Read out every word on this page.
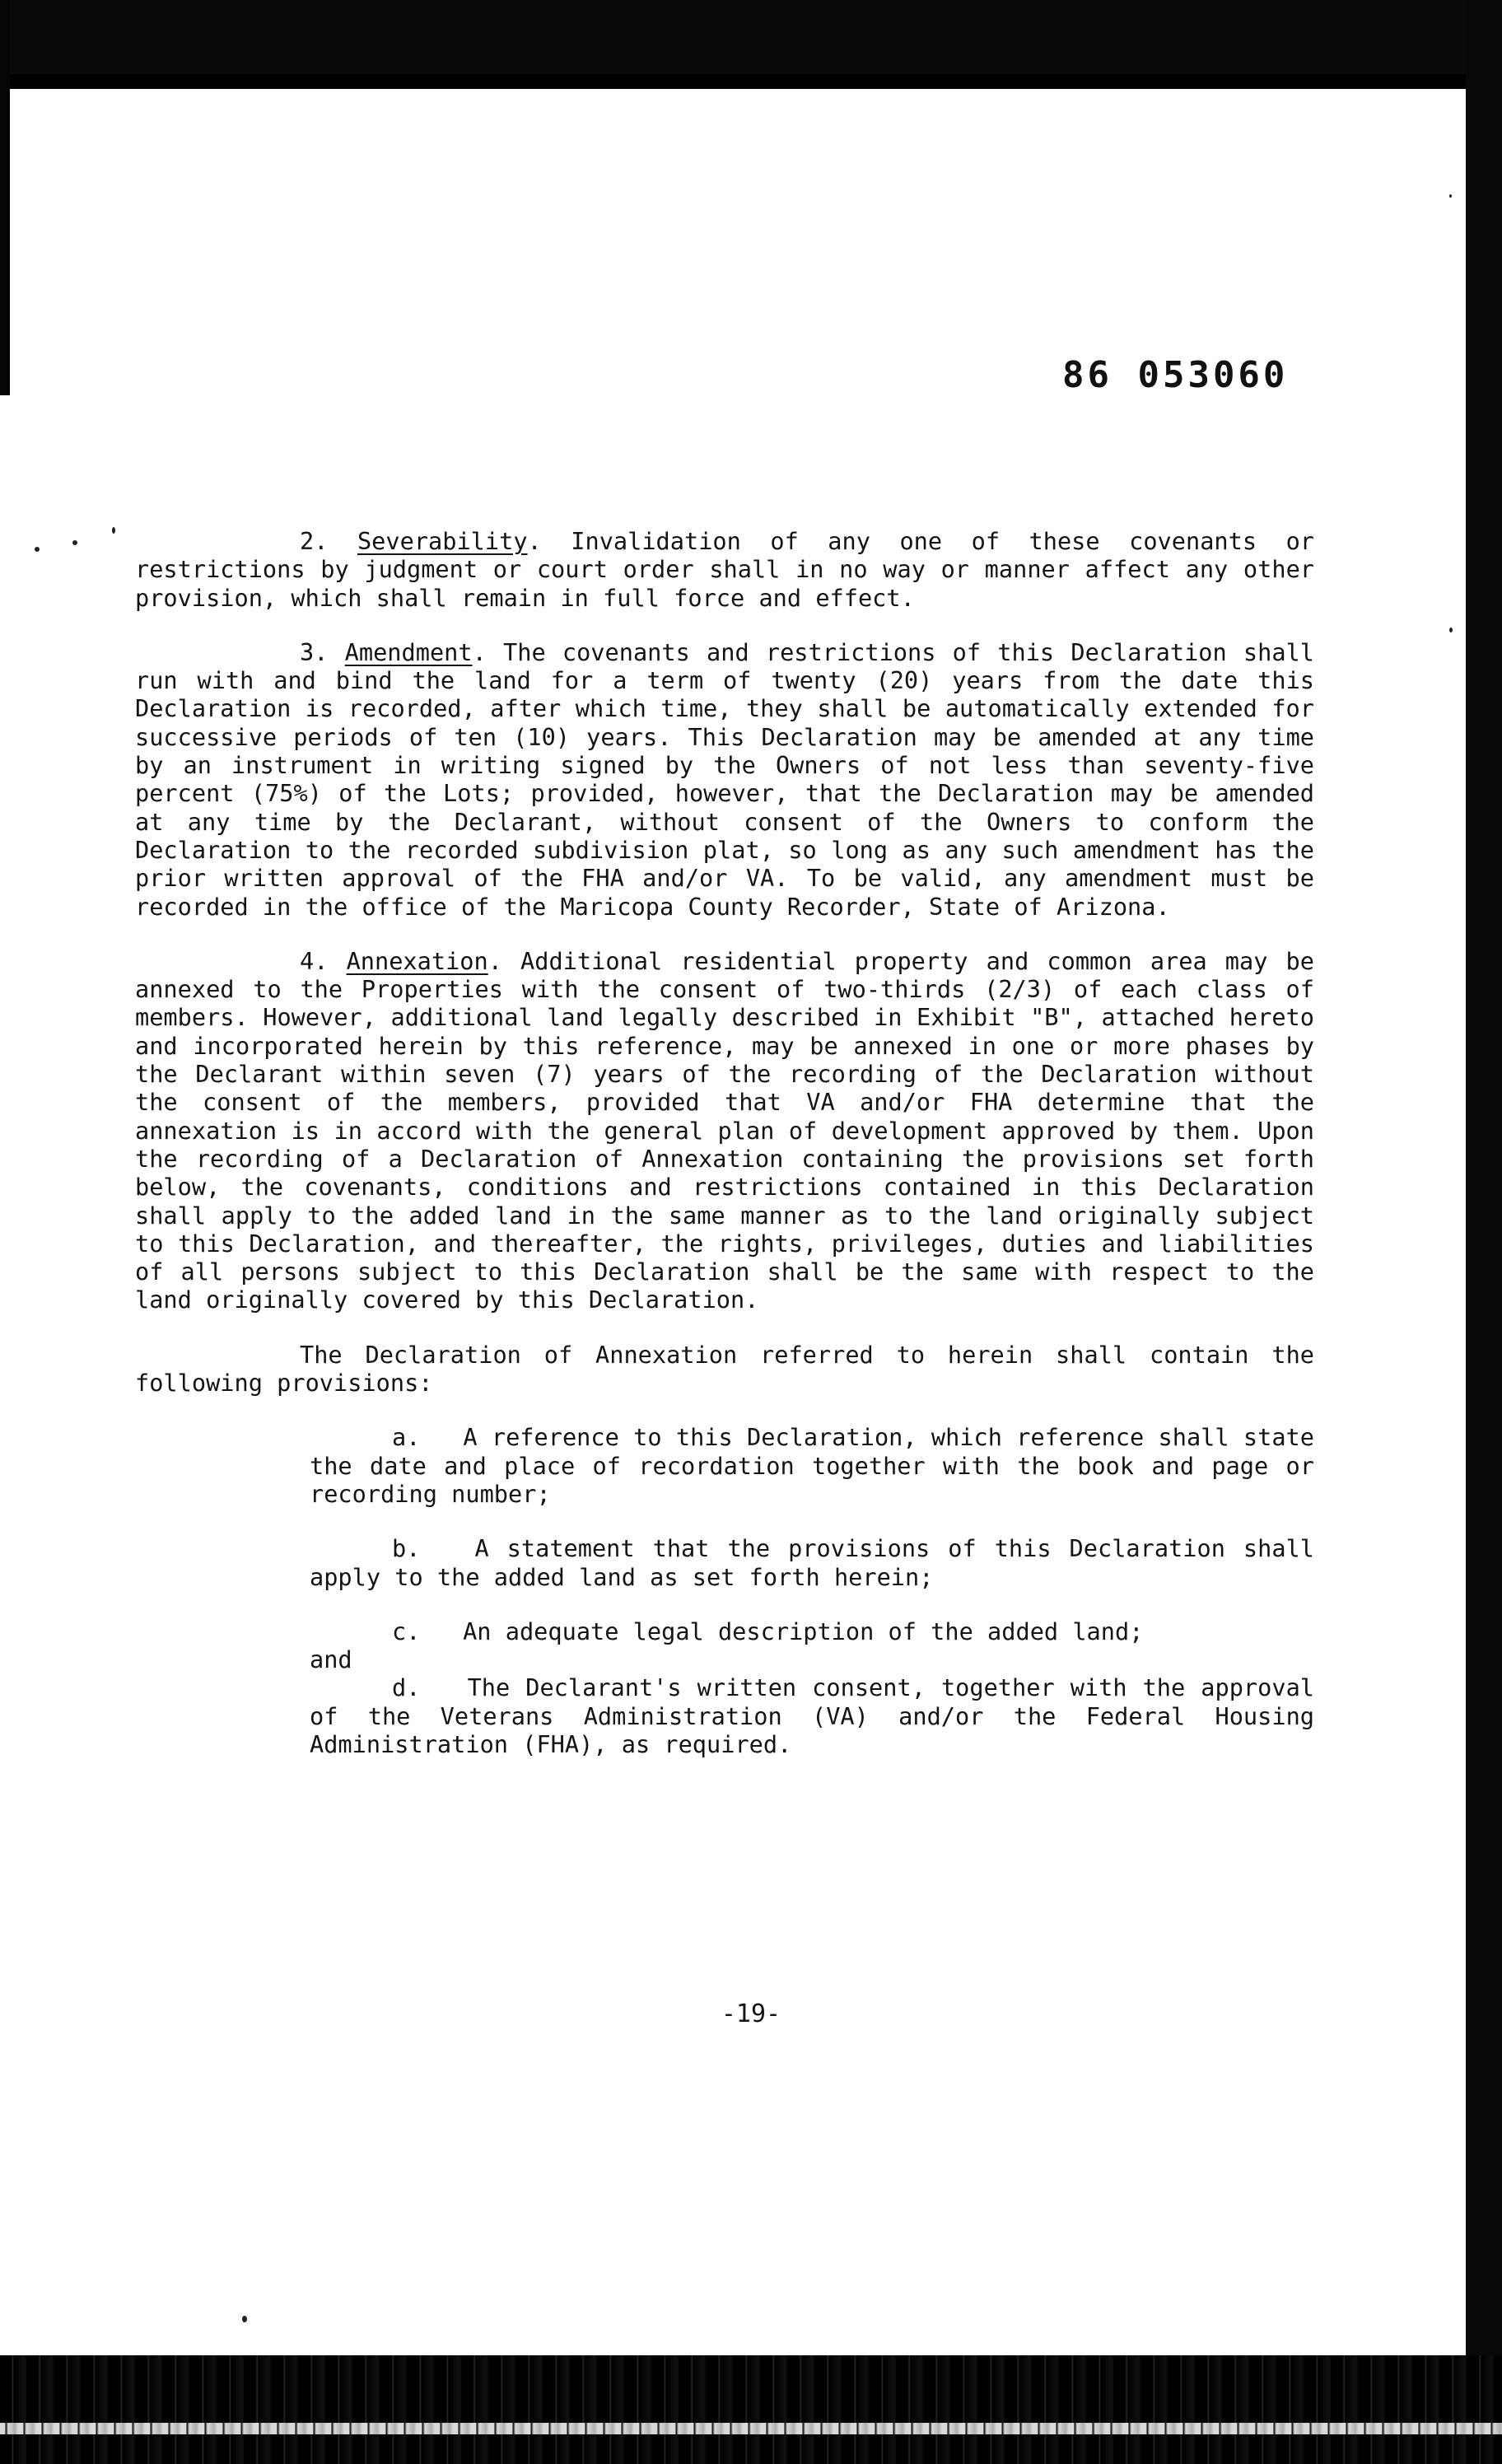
86 053060

2. Severability. Invalidation of any one of these covenants or restrictions by judgment or court order shall in no way or manner affect any other provision, which shall remain in full force and effect.

3. Amendment. The covenants and restrictions of this Declaration shall run with and bind the land for a term of twenty (20) years from the date this Declaration is recorded, after which time, they shall be automatically extended for successive periods of ten (10) years. This Declaration may be amended at any time by an instrument in writing signed by the Owners of not less than seventy-five percent (75%) of the Lots; provided, however, that the Declaration may be amended at any time by the Declarant, without consent of the Owners to conform the Declaration to the recorded subdivision plat, so long as any such amendment has the prior written approval of the FHA and/or VA. To be valid, any amendment must be recorded in the office of the Maricopa County Recorder, State of Arizona.

4. Annexation. Additional residential property and common area may be annexed to the Properties with the consent of two-thirds (2/3) of each class of members. However, additional land legally described in Exhibit "B", attached hereto and incorporated herein by this reference, may be annexed in one or more phases by the Declarant within seven (7) years of the recording of the Declaration without the consent of the members, provided that VA and/or FHA determine that the annexation is in accord with the general plan of development approved by them. Upon the recording of a Declaration of Annexation containing the provisions set forth below, the covenants, conditions and restrictions contained in this Declaration shall apply to the added land in the same manner as to the land originally subject to this Declaration, and thereafter, the rights, privileges, duties and liabilities of all persons subject to this Declaration shall be the same with respect to the land originally covered by this Declaration.

The Declaration of Annexation referred to herein shall contain the following provisions:

a. A reference to this Declaration, which reference shall state the date and place of recordation together with the book and page or recording number;

b. A statement that the provisions of this Declaration shall apply to the added land as set forth herein;

c. An adequate legal description of the added land;

and

d. The Declarant's written consent, together with the approval of the Veterans Administration (VA) and/or the Federal Housing Administration (FHA), as required.

-19-
